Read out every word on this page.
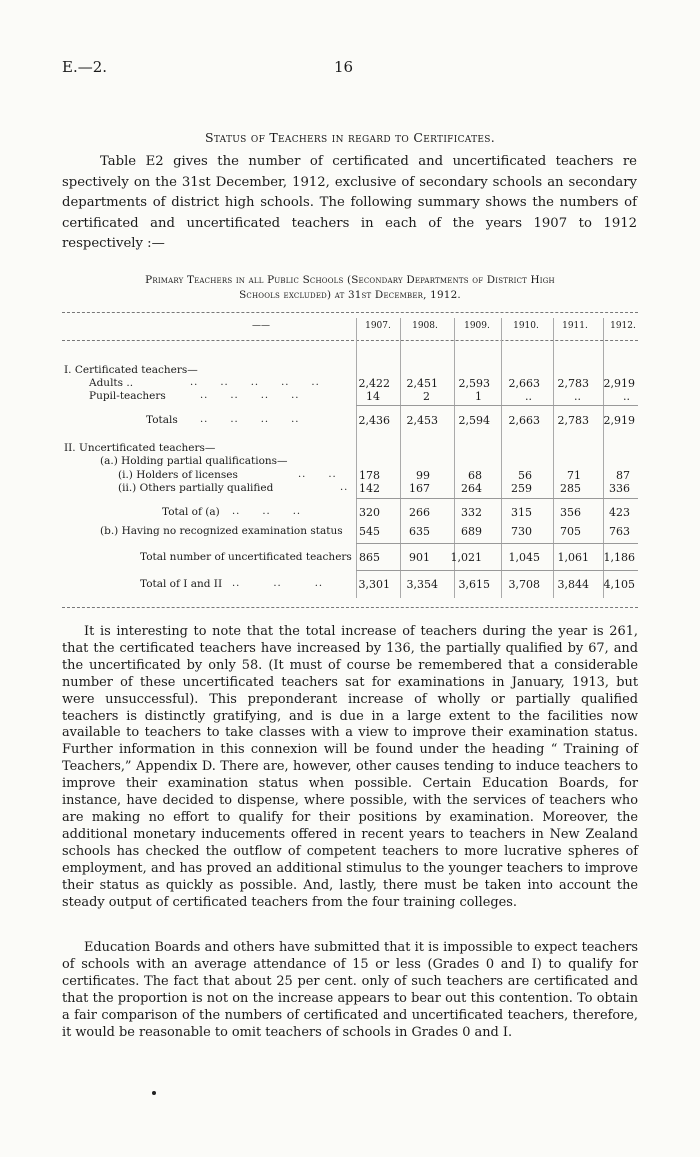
E.—2.	16
Status of Teachers in regard to Certificates.

Table E2 gives the number of certificated and uncertificated teachers re spectively on the 31st December, 1912, exclusive of secondary schools an secondary departments of district high schools. The following summary shows the numbers of certificated and uncertificated teachers in each of the years 1907 to 1912 respectively :—

Primary Teachers in all Public Schools (Secondary Departments of District High
Schools excluded) at 31st December, 1912.
——	1907.	1908.	1909.	1910.	1911.	1912.
I. Certificated teachers—
Adults ..	..  ..  ..  ..  ..	2,422 2,451 2,593 2,663 2,783 2,919
Pupil-teachers	..  ..  ..  ..	14	2	1	..	..	..
Totals ..  ..  ..  ..	2,436 2,453 2,594 2,663 2,783 2,919
II. Uncertificated teachers—
(a.) Holding partial qualifications—
(i.) Holders of licenses	..  .. 178	99	68	56	71	87
(ii.) Others partially qualified	.. 142	167	264	259	285	336
Total of (a) ..  ..  ..	320	266	332	315	356	423
(b.) Having no recognized examination status 545	635	689	730	705	763
Total number of uncertificated teachers 865	901 1,021 1,045 1,061 1,186
Total of I and II ..   ..   ..	3,301 3,354 3,615 3,708 3,844 4,105

It is interesting to note that the total increase of teachers during the year is 261, that the certificated teachers have increased by 136, the partially qualified by 67, and the uncertificated by only 58. (It must of course be remembered that a considerable number of these uncertificated teachers sat for examinations in January, 1913, but were unsuccessful). This preponderant increase of wholly or partially qualified teachers is distinctly gratifying, and is due in a large extent to the facilities now available to teachers to take classes with a view to improve their examination status. Further information in this connexion will be found under the heading “ Training of Teachers,” Appendix D. There are, however, other causes tending to induce teachers to improve their examination status when possible. Certain Education Boards, for instance, have decided to dispense, where possible, with the services of teachers who are making no effort to qualify for their positions by examination. Moreover, the additional monetary inducements offered in recent years to teachers in New Zealand schools has checked the outflow of competent teachers to more lucrative spheres of employment, and has proved an additional stimulus to the younger teachers to improve their status as quickly as possible. And, lastly, there must be taken into account the steady output of certificated teachers from the four training colleges.

Education Boards and others have submitted that it is impossible to expect teachers of schools with an average attendance of 15 or less (Grades 0 and I) to qualify for certificates. The fact that about 25 per cent. only of such teachers are certificated and that the proportion is not on the increase appears to bear out this contention. To obtain a fair comparison of the numbers of certificated and uncertificated teachers, therefore, it would be reasonable to omit teachers of schools in Grades 0 and I.
